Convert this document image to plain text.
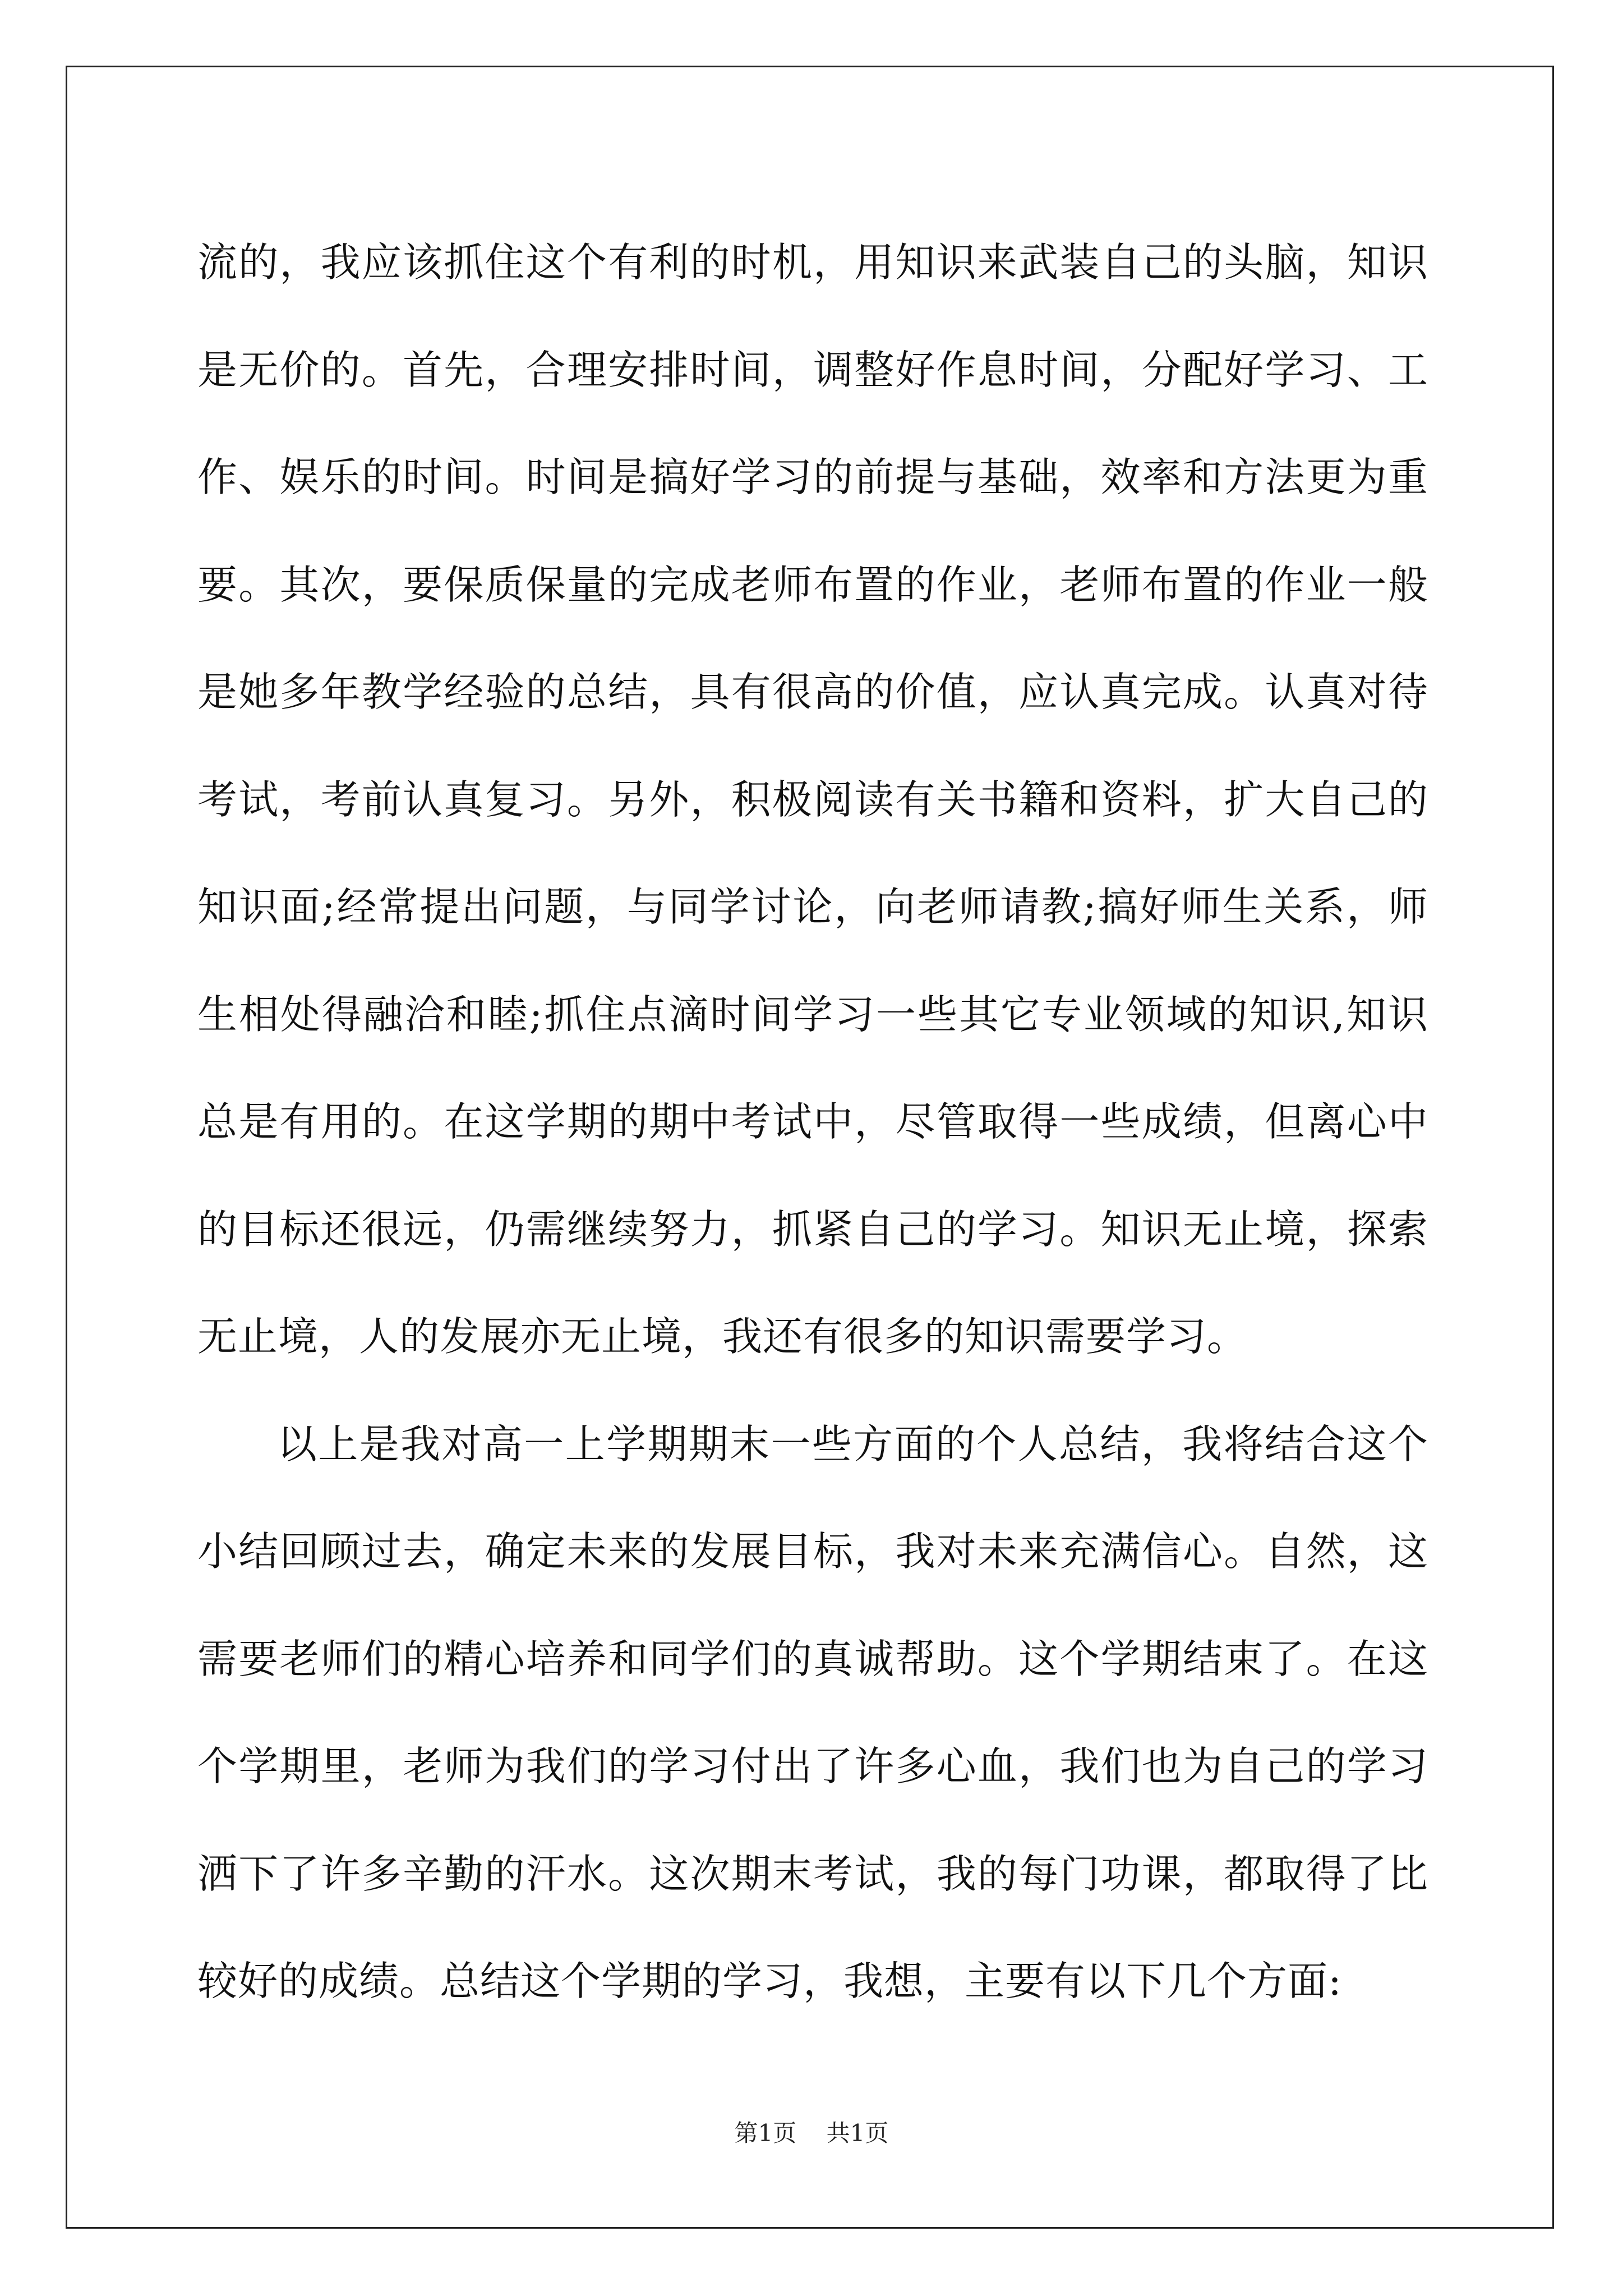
流的，我应该抓住这个有利的时机，用知识来武装自己的头脑，知识是无价的。首先，合理安排时间，调整好作息时间，分配好学习、工作、娱乐的时间。时间是搞好学习的前提与基础，效率和方法更为重要。其次，要保质保量的完成老师布置的作业，老师布置的作业一般是她多年教学经验的总结，具有很高的价值，应认真完成。认真对待考试，考前认真复习。另外，积极阅读有关书籍和资料，扩大自己的知识面;经常提出问题，与同学讨论，向老师请教;搞好师生关系，师生相处得融洽和睦;抓住点滴时间学习一些其它专业领域的知识,知识总是有用的。在这学期的期中考试中，尽管取得一些成绩，但离心中的目标还很远，仍需继续努力，抓紧自己的学习。知识无止境，探索无止境，人的发展亦无止境，我还有很多的知识需要学习。

以上是我对高一上学期期末一些方面的个人总结，我将结合这个小结回顾过去，确定未来的发展目标，我对未来充满信心。自然，这需要老师们的精心培养和同学们的真诚帮助。这个学期结束了。在这个学期里，老师为我们的学习付出了许多心血，我们也为自己的学习洒下了许多辛勤的汗水。这次期末考试，我的每门功课，都取得了比较好的成绩。总结这个学期的学习，我想，主要有以下几个方面:

第1页    共1页
